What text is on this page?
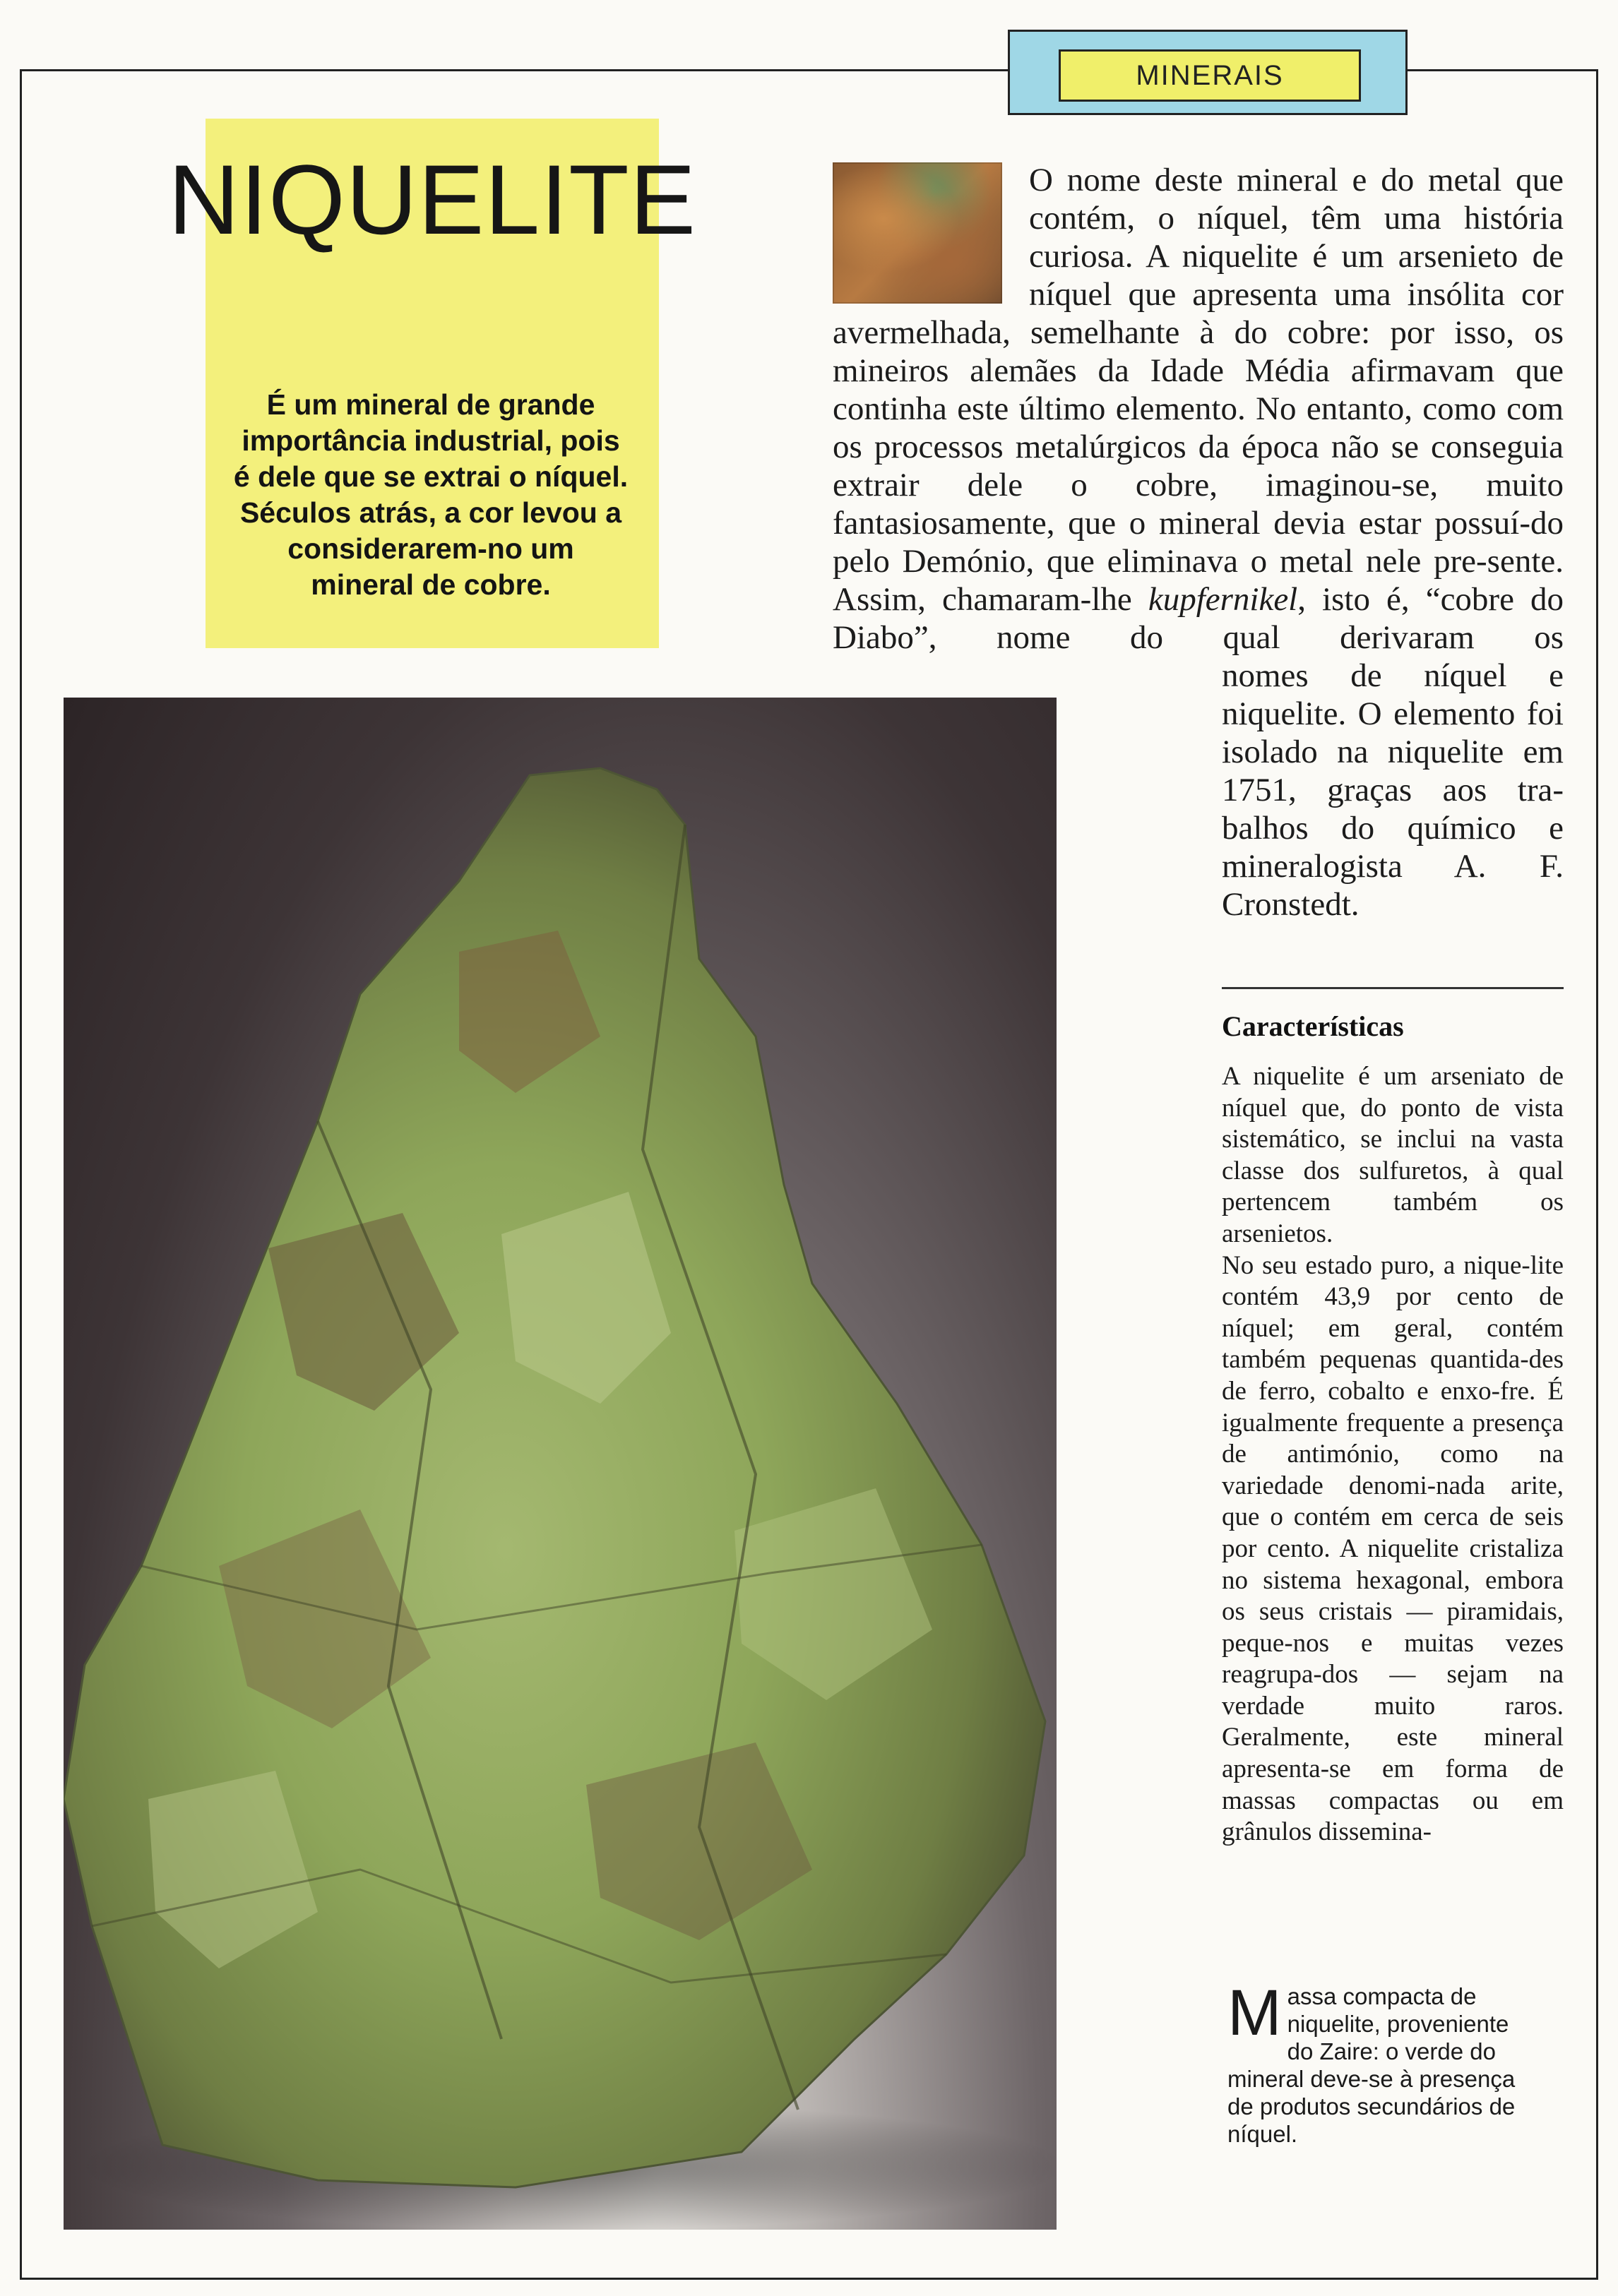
MINERAIS
NIQUELITE
É um mineral de grande importância industrial, pois é dele que se extrai o níquel. Séculos atrás, a cor levou a considerarem-no um mineral de cobre.
O nome deste mineral e do metal que
contém, o níquel, têm uma história
curiosa. A niquelite é um arsenieto de
níquel que apresenta uma insólita cor
avermelhada, semelhante à do cobre: por isso, os mineiros alemães da Idade Média afirmavam que continha este último elemento. No entanto, como com os processos metalúrgicos da época não se conseguia extrair dele o cobre, imaginou-se, muito fantasiosamente, que o mineral devia estar possuí-do pelo Demónio, que eliminava o metal nele pre-sente. Assim, chamaram-lhe kupfernikel, isto é, “cobre do Diabo”, nome do qual derivaram os
nomes de níquel e niquelite. O elemento foi isolado na niquelite em 1751, graças aos tra-balhos do químico e mineralogista A. F. Cronstedt.
Características

A niquelite é um arseniato de níquel que, do ponto de vista sistemático, se inclui na vasta classe dos sulfuretos, à qual pertencem também os arsenietos.

No seu estado puro, a nique-lite contém 43,9 por cento de níquel; em geral, contém também pequenas quantida-des de ferro, cobalto e enxo-fre. É igualmente frequente a presença de antimónio, como na variedade denomi-nada arite, que o contém em cerca de seis por cento. A niquelite cristaliza no sistema hexagonal, embora os seus cristais — piramidais, peque-nos e muitas vezes reagrupa-dos — sejam na verdade muito raros. Geralmente, este mineral apresenta-se em forma de massas compactas ou em grânulos dissemina-

Massa compacta de niquelite, proveniente do Zaire: o verde do mineral deve-se à presença de produtos secundários de níquel.
